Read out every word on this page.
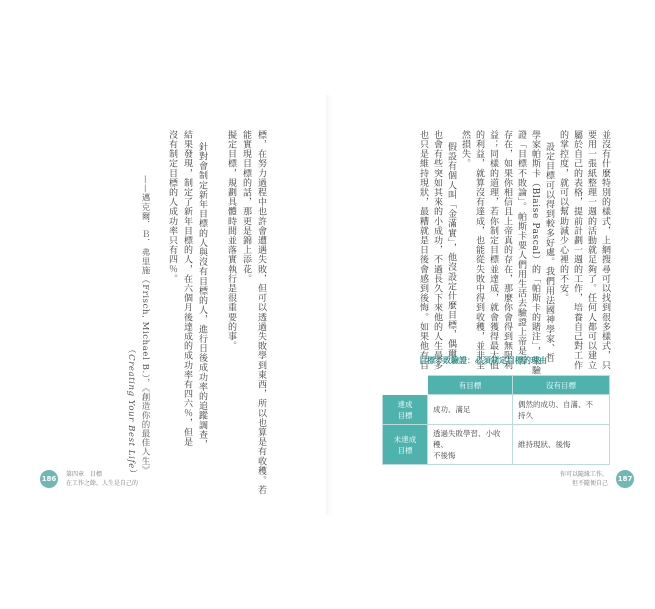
標，在努力過程中也許會遭遇失敗，但可以透過失敗學到東西，所以也算是有收穫。若
能實現目標的話，那更是錦上添花。
擬定目標，規劃具體時間並落實執行是很重要的事。
針對會制定新年目標的人與沒有目標的人，進行日後成功率的追蹤調查，
結果發現，制定了新年目標的人，在六個月後達成的成功率有四六％，但是
沒有制定目標的人成功率只有四％。
——邁克爾．Ｂ．弗里施（Frisch, Michael B.），《創造你的最佳人生》
（Creating Your Best Life）
186
第四章　目標
在工作之餘，人生是自己的
並沒有什麼特別的樣式，上網搜尋可以找到很多樣式，只
要用一張紙整理一週的活動就足夠了。任何人都可以建立
屬於自己的表格，提前計劃一週的工作，培養自己對工作
的掌控度，就可以幫助減少心裡的不安。
設定目標可以得到較多好處。我們用法國神學家、哲
學家帕斯卡（Blaise Pascal）的「帕斯卡的賭注」，來驗
證「目標不敗論」。帕斯卡要人們用生活去驗證上帝是否
存在，如果你相信且上帝真的存在，那麼你會得到無限利
益；同樣的道理，若你制定目標並達成，就會獲得最大值
的利益，就算沒有達成，也能從失敗中得到收穫，並非全
然損失。
假設有個人叫「金滿實」，他沒設定什麼目標，偶爾
也會有些突如其來的小成功，不過長久下來他的人生最多
也只是維持現狀，最糟就是日後會感到後悔。如果他有目
目標不敗驗證：必須制定目標的理由
	有目標	沒有目標
達成
目標	成功、滿足	偶然的成功、自滿、不
持久
未達成
目標	透過失敗學習、小收穫、
不後悔	維持現狀、後悔
你可以隨緣工作，
但不隨便自己
187
